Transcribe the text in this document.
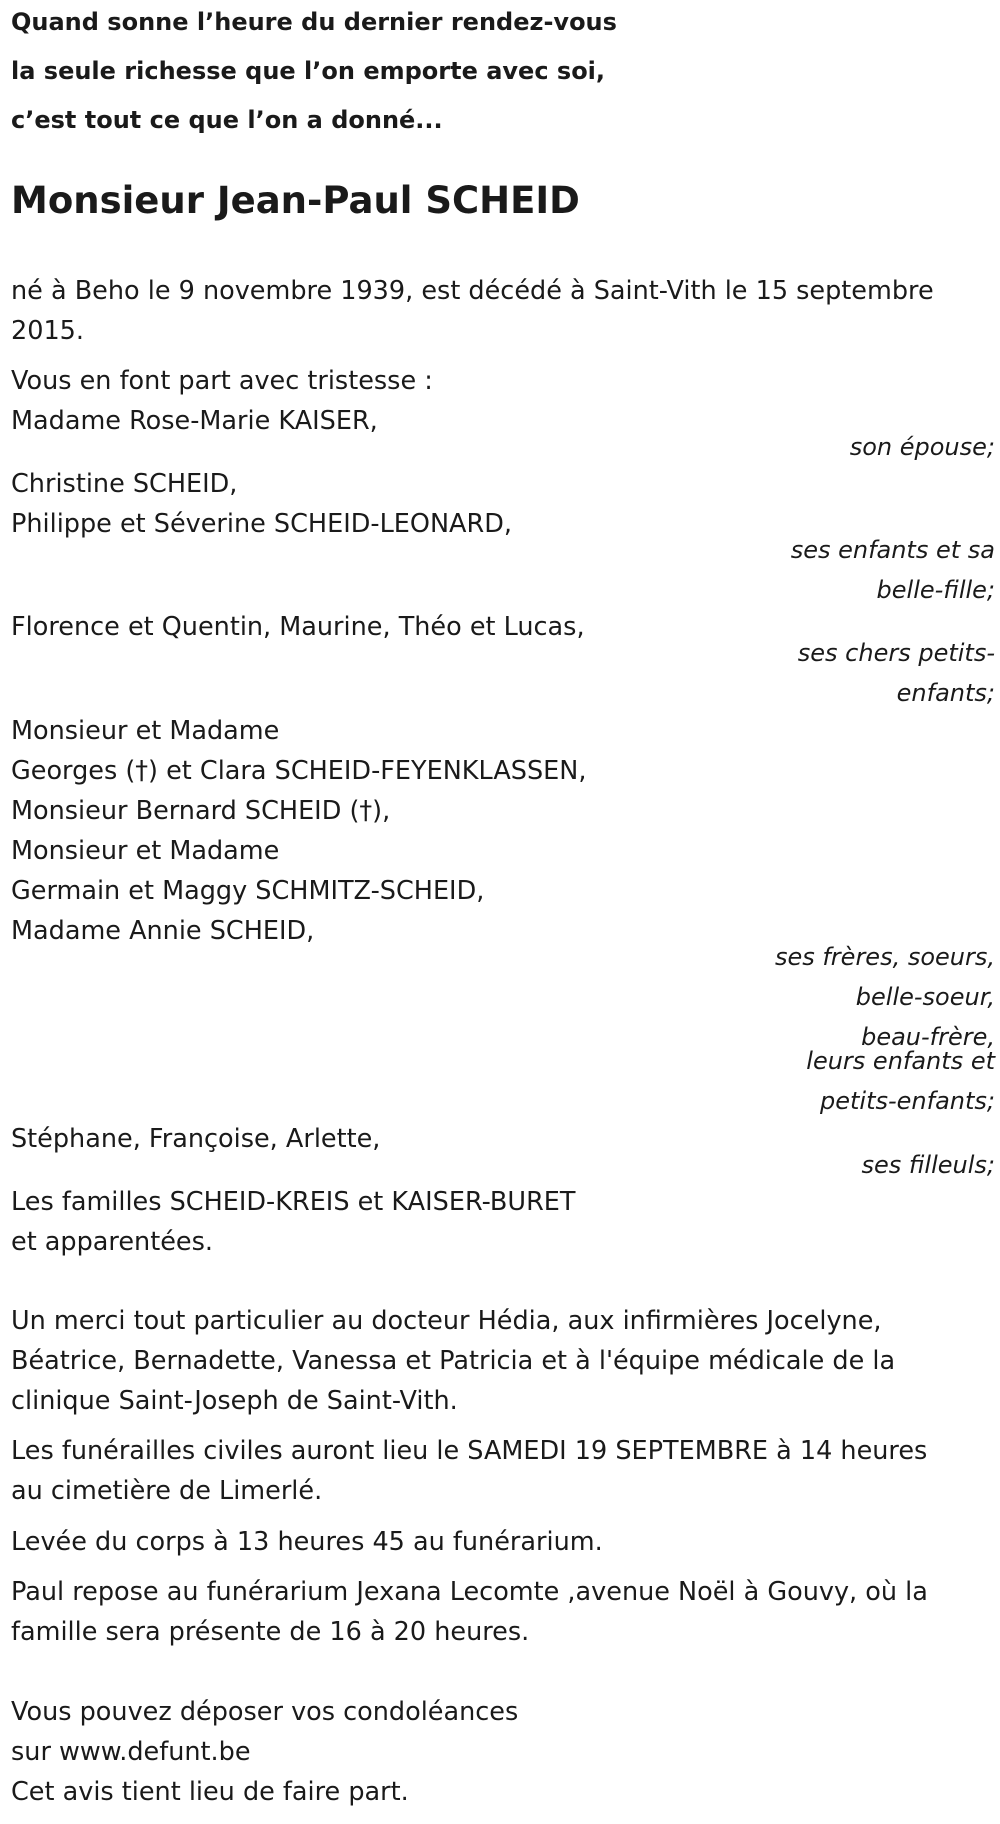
Quand sonne l’heure du dernier rendez-vous

la seule richesse que l’on emporte avec soi,

c’est tout ce que l’on a donné...

Monsieur Jean-Paul SCHEID

né à Beho le 9 novembre 1939, est décédé à Saint-Vith le 15 septembre

2015.

Vous en font part avec tristesse :

Madame Rose-Marie KAISER,

son épouse;

Christine SCHEID,

Philippe et Séverine SCHEID-LEONARD,

ses enfants et sa

belle-fille;

Florence et Quentin, Maurine, Théo et Lucas,

ses chers petits-

enfants;

Monsieur et Madame

Georges (†) et Clara SCHEID-FEYENKLASSEN,

Monsieur Bernard SCHEID (†),

Monsieur et Madame

Germain et Maggy SCHMITZ-SCHEID,

Madame Annie SCHEID,

ses frères, soeurs,

belle-soeur,

beau-frère,

leurs enfants et

petits-enfants;

Stéphane, Françoise, Arlette,

ses filleuls;

Les familles SCHEID-KREIS et KAISER-BURET

et apparentées.

Un merci tout particulier au docteur Hédia, aux infirmières Jocelyne,

Béatrice, Bernadette, Vanessa et Patricia et à l'équipe médicale de la

clinique Saint-Joseph de Saint-Vith.

Les funérailles civiles auront lieu le SAMEDI 19 SEPTEMBRE à 14 heures

au cimetière de Limerlé.

Levée du corps à 13 heures 45 au funérarium.

Paul repose au funérarium Jexana Lecomte ,avenue Noël à Gouvy, où la

famille sera présente de 16 à 20 heures.

Vous pouvez déposer vos condoléances

sur www.defunt.be

Cet avis tient lieu de faire part.
